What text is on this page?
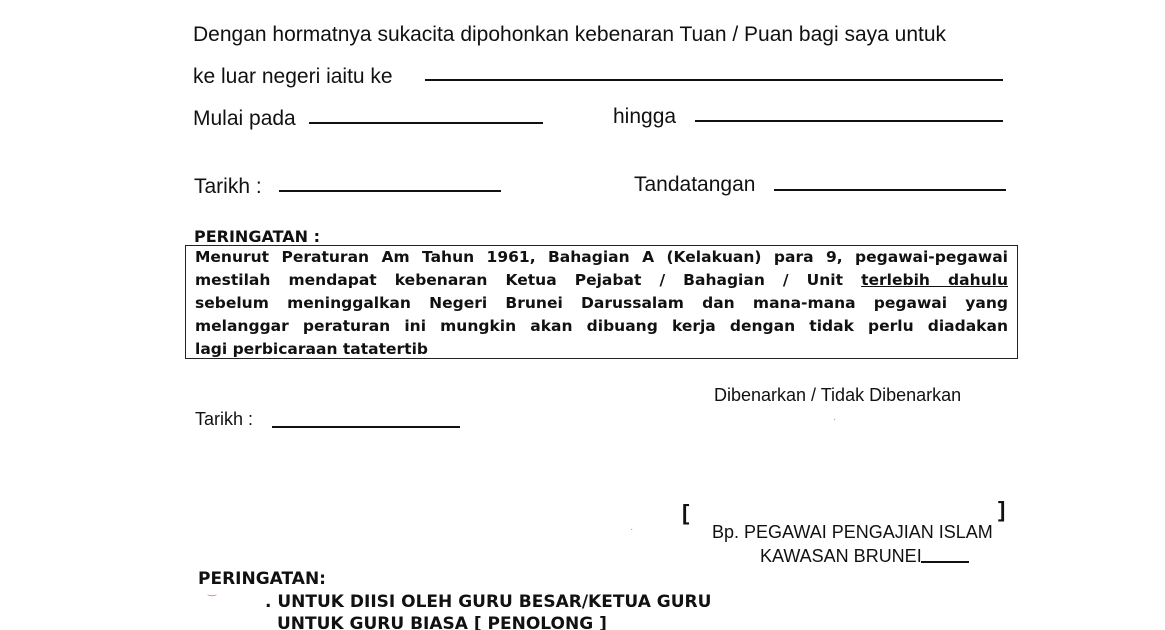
Dengan hormatnya sukacita dipohonkan kebenaran Tuan / Puan bagi saya untuk
ke luar negeri iaitu ke
Mulai pada	hingga
Tarikh :	Tandatangan
PERINGATAN :
Menurut Peraturan Am Tahun 1961, Bahagian A (Kelakuan) para 9, pegawai-pegawai
mestilah mendapat kebenaran Ketua Pejabat / Bahagian / Unit terlebih dahulu
sebelum meninggalkan Negeri Brunei Darussalam dan mana-mana pegawai yang
melanggar peraturan ini mungkin akan dibuang kerja dengan tidak perlu diadakan
lagi perbicaraan tatatertib
Dibenarkan / Tidak Dibenarkan
Tarikh :
[	]
Bp. PEGAWAI PENGAJIAN ISLAM
KAWASAN BRUNEI
PERINGATAN:
. UNTUK DIISI OLEH GURU BESAR/KETUA GURU
UNTUK GURU BIASA [ PENOLONG ]
·
·
‿
